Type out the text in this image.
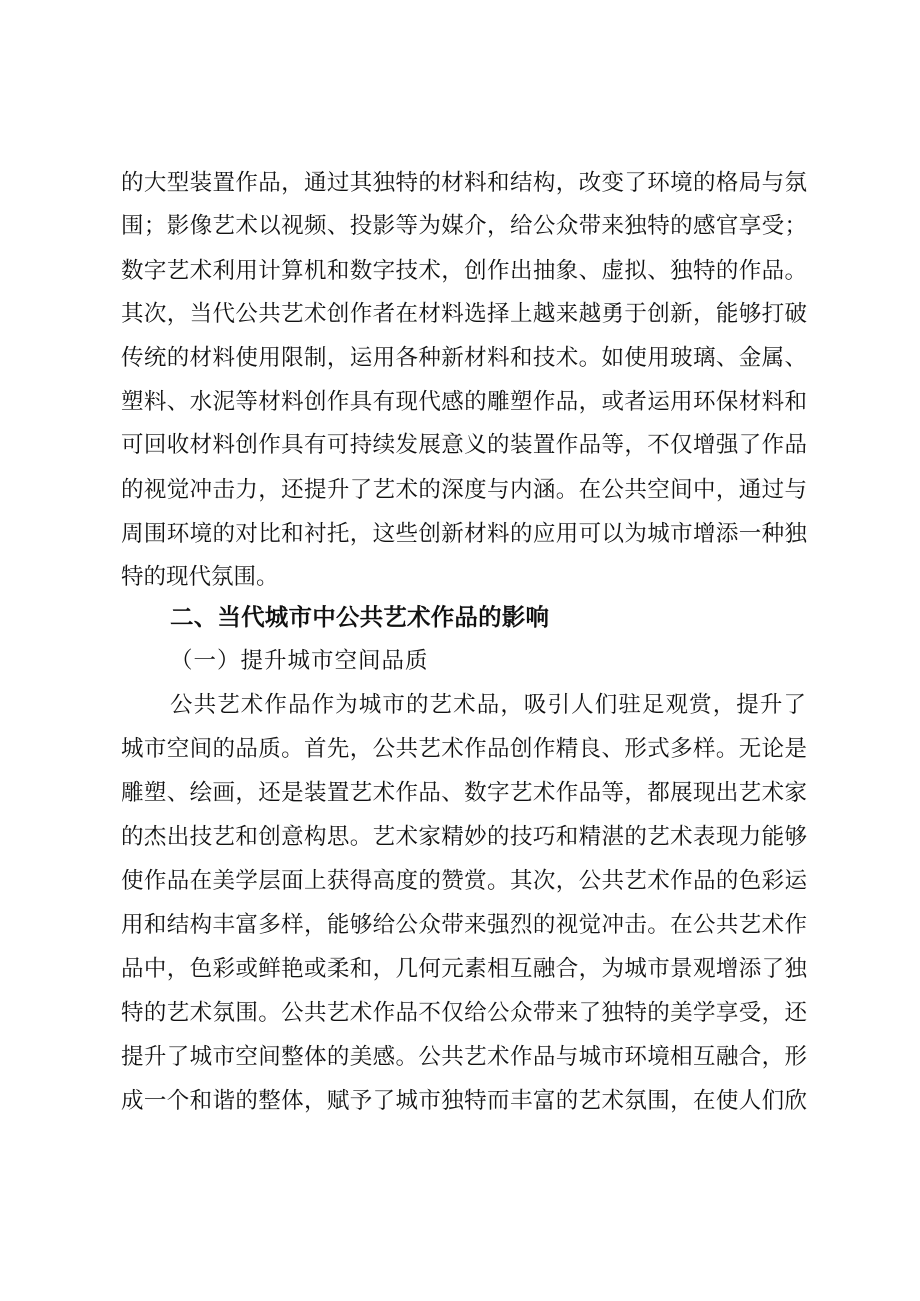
的大型装置作品，通过其独特的材料和结构，改变了环境的格局与氛
围；影像艺术以视频、投影等为媒介，给公众带来独特的感官享受；
数字艺术利用计算机和数字技术，创作出抽象、虚拟、独特的作品。
其次，当代公共艺术创作者在材料选择上越来越勇于创新，能够打破
传统的材料使用限制，运用各种新材料和技术。如使用玻璃、金属、
塑料、水泥等材料创作具有现代感的雕塑作品，或者运用环保材料和
可回收材料创作具有可持续发展意义的装置作品等，不仅增强了作品
的视觉冲击力，还提升了艺术的深度与内涵。在公共空间中，通过与
周围环境的对比和衬托，这些创新材料的应用可以为城市增添一种独
特的现代氛围。
二、当代城市中公共艺术作品的影响
（一）提升城市空间品质
公共艺术作品作为城市的艺术品，吸引人们驻足观赏，提升了
城市空间的品质。首先，公共艺术作品创作精良、形式多样。无论是
雕塑、绘画，还是装置艺术作品、数字艺术作品等，都展现出艺术家
的杰出技艺和创意构思。艺术家精妙的技巧和精湛的艺术表现力能够
使作品在美学层面上获得高度的赞赏。其次，公共艺术作品的色彩运
用和结构丰富多样，能够给公众带来强烈的视觉冲击。在公共艺术作
品中，色彩或鲜艳或柔和，几何元素相互融合，为城市景观增添了独
特的艺术氛围。公共艺术作品不仅给公众带来了独特的美学享受，还
提升了城市空间整体的美感。公共艺术作品与城市环境相互融合，形
成一个和谐的整体，赋予了城市独特而丰富的艺术氛围，在使人们欣
